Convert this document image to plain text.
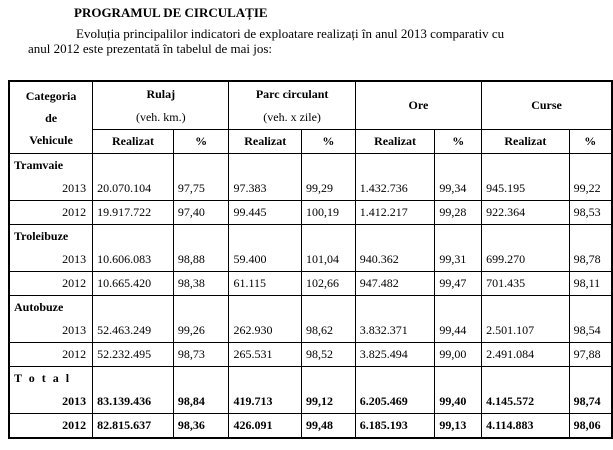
PROGRAMUL DE CIRCULAȚIE
Evoluția principalilor indicatori de exploatare realizați în anul 2013 comparativ cu
anul 2012 este prezentată în tabelul de mai jos:
Categoria
de
Vehicule	Rulaj		Parc circulant		Ore		Curse	
	(veh. km.)		(veh. x zile)					
	Realizat	%	Realizat	%	Realizat	%	Realizat	%
Tramvaie								
2013	20.070.104	97,75	97.383	99,29	1.432.736	99,34	945.195	99,22
2012	19.917.722	97,40	99.445	100,19	1.412.217	99,28	922.364	98,53
Troleibuze								
2013	10.606.083	98,88	59.400	101,04	940.362	99,31	699.270	98,78
2012	10.665.420	98,38	61.115	102,66	947.482	99,47	701.435	98,11
Autobuze								
2013	52.463.249	99,26	262.930	98,62	3.832.371	99,44	2.501.107	98,54
2012	52.232.495	98,73	265.531	98,52	3.825.494	99,00	2.491.084	97,88
T o t a l								
2013	83.139.436	98,84	419.713	99,12	6.205.469	99,40	4.145.572	98,74
2012	82.815.637	98,36	426.091	99,48	6.185.193	99,13	4.114.883	98,06
